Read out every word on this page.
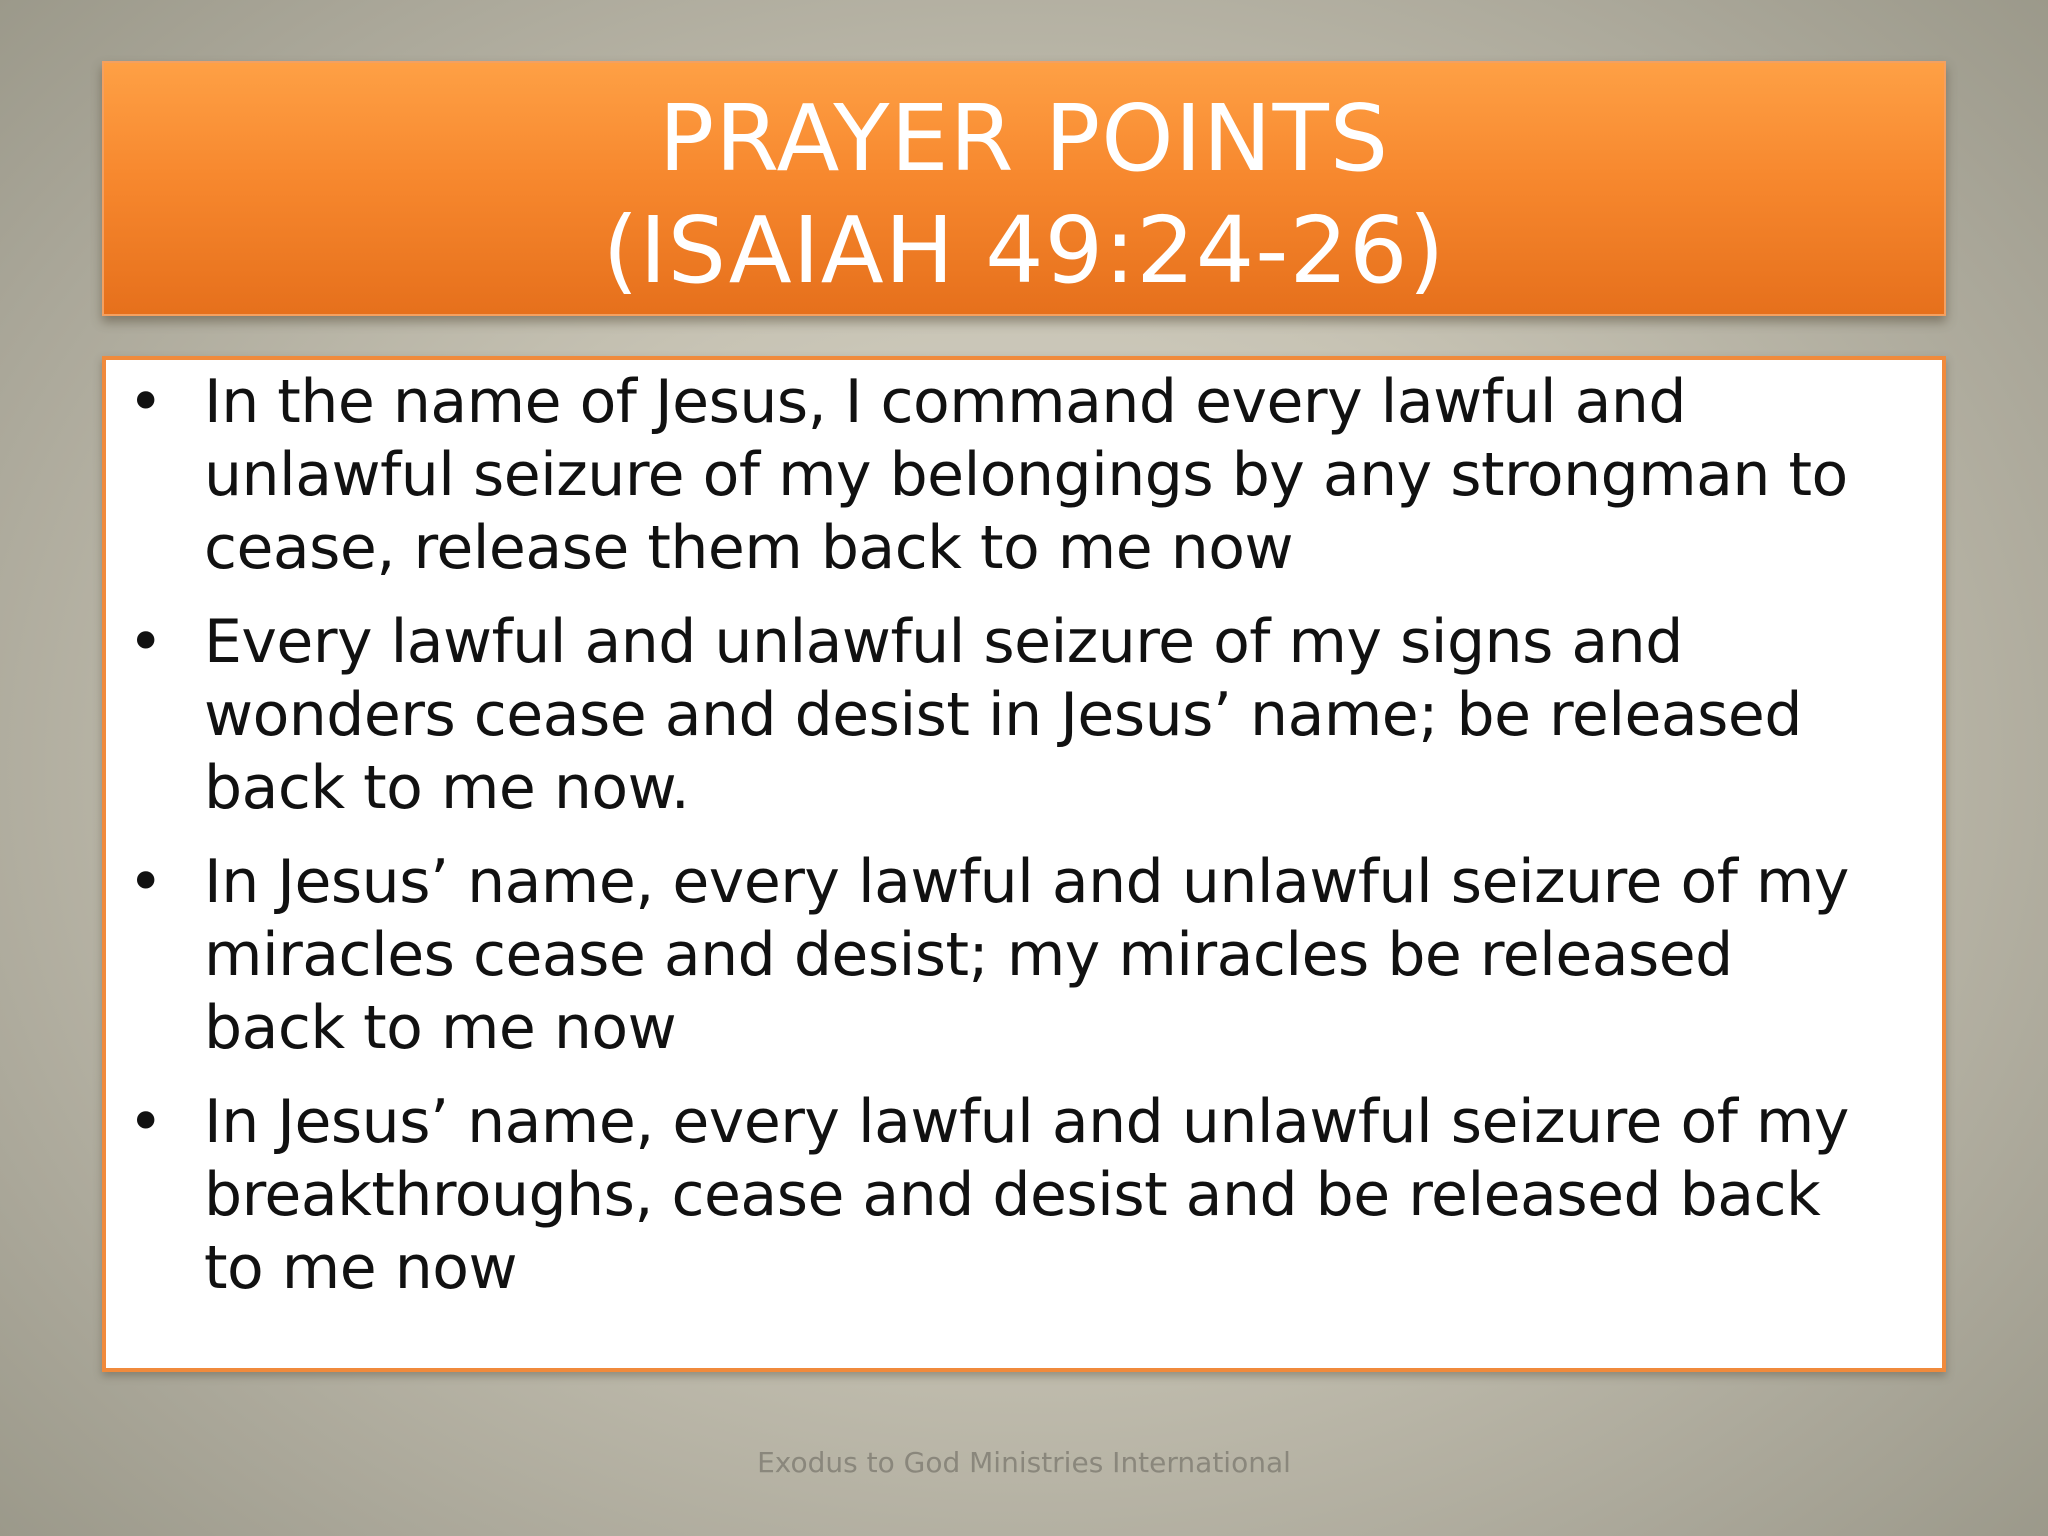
PRAYER POINTS
(ISAIAH 49:24-26)
• In the name of Jesus, I command every lawful and
unlawful seizure of my belongings by any strongman to
cease, release them back to me now
• Every lawful and unlawful seizure of my signs and
wonders cease and desist in Jesus’ name; be released
back to me now.
• In Jesus’ name, every lawful and unlawful seizure of my
miracles cease and desist; my miracles be released
back to me now
• In Jesus’ name, every lawful and unlawful seizure of my
breakthroughs, cease and desist and be released back
to me now
Exodus to God Ministries International
